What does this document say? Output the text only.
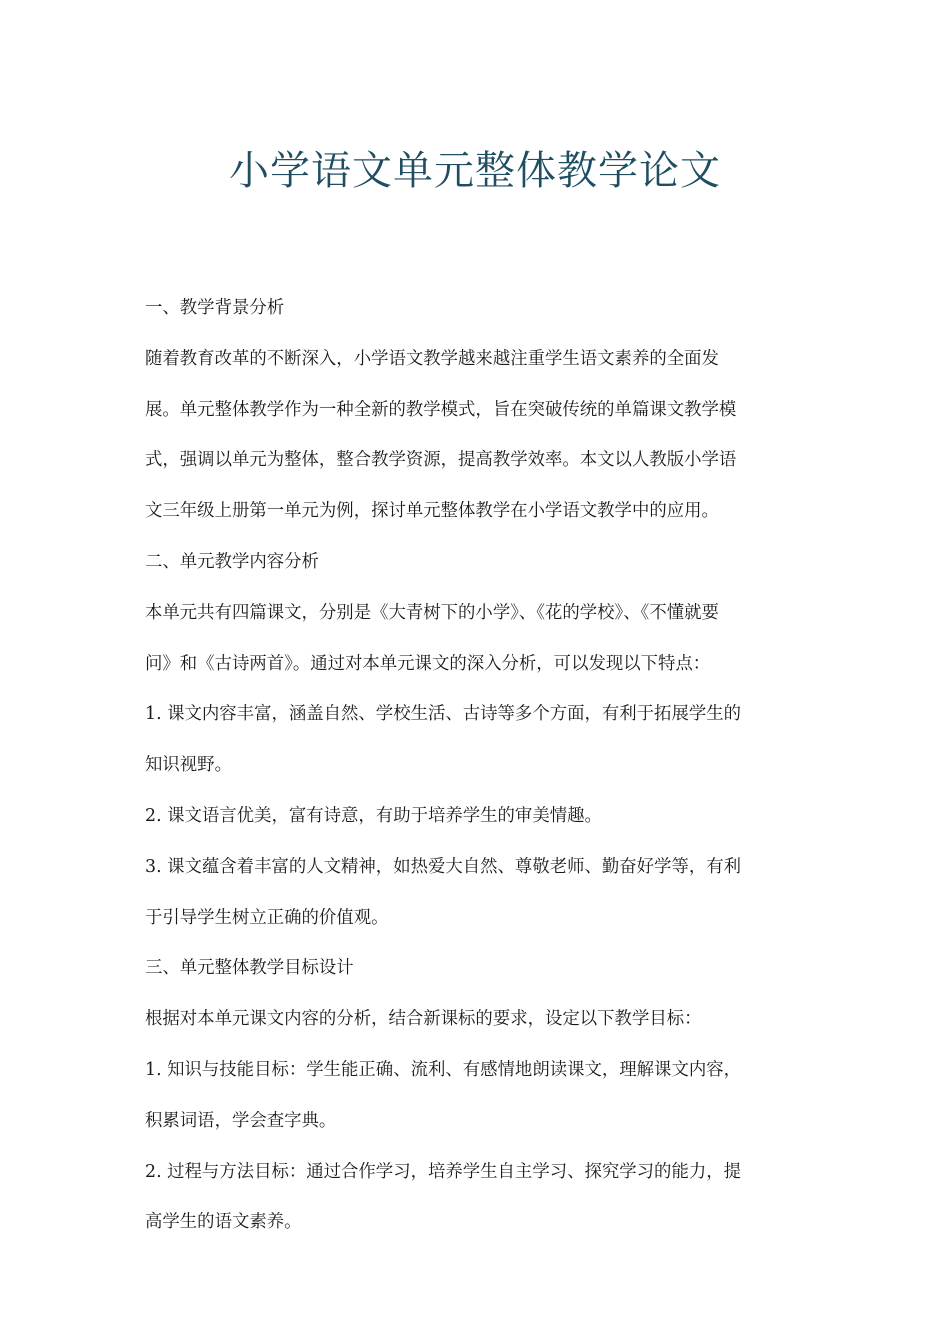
小学语文单元整体教学论文
一、教学背景分析
随着教育改革的不断深入，小学语文教学越来越注重学生语文素养的全面发
展。单元整体教学作为一种全新的教学模式，旨在突破传统的单篇课文教学模
式，强调以单元为整体，整合教学资源，提高教学效率。本文以人教版小学语
文三年级上册第一单元为例，探讨单元整体教学在小学语文教学中的应用。
二、单元教学内容分析
本单元共有四篇课文，分别是《大青树下的小学》、《花的学校》、《不懂就要
问》和《古诗两首》。通过对本单元课文的深入分析，可以发现以下特点：
1. 课文内容丰富，涵盖自然、学校生活、古诗等多个方面，有利于拓展学生的
知识视野。
2. 课文语言优美，富有诗意，有助于培养学生的审美情趣。
3. 课文蕴含着丰富的人文精神，如热爱大自然、尊敬老师、勤奋好学等，有利
于引导学生树立正确的价值观。
三、单元整体教学目标设计
根据对本单元课文内容的分析，结合新课标的要求，设定以下教学目标：
1. 知识与技能目标：学生能正确、流利、有感情地朗读课文，理解课文内容，
积累词语，学会查字典。
2. 过程与方法目标：通过合作学习，培养学生自主学习、探究学习的能力，提
高学生的语文素养。
